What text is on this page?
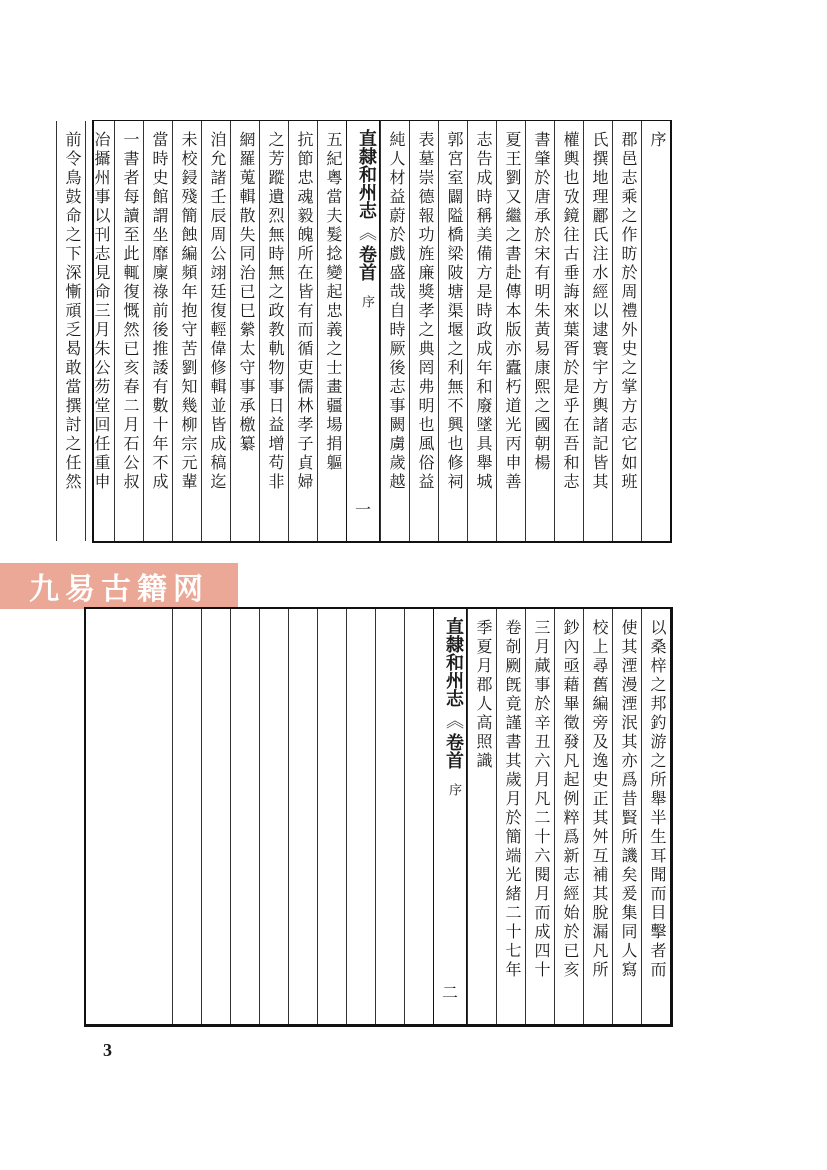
序
郡邑志乘之作昉於周禮外史之掌方志它如班
氏撰地理酈氏注水經以逮寰宇方輿諸記皆其
權輿也攷鏡往古垂誨來葉胥於是乎在吾和志
書肇於唐承於宋有明朱黃易康熙之國朝楊
夏王劉又繼之書赴傳本版亦蠹朽道光丙申善
志告成時稱美備方是時政成年和廢墜具舉城
郭宮室闢隘橋梁陂塘渠堰之利無不興也修祠
表墓崇德報功旌廉獎孝之典罔弗明也風俗益
純人材益蔚於戲盛哉自時厥後志事闕虜歲越
直隸和州志《卷首序
一
五紀粵當夫髮捻變起忠義之士畫疆場捐軀
抗節忠魂毅魄所在皆有而循吏儒林孝子貞婦
之芳蹤遺烈無時無之政教軌物事日益增苟非
網羅蒐輯散失同治已巳縈太守事承檄纂
洎允諸壬辰周公翊廷復輕偉修輯並皆成稿迄
未校鋟殘簡蝕編頻年抱守苦劉知幾柳宗元輩
當時史館謂坐靡廩祿前後推諉有數十年不成
一書者每讀至此輒復慨然已亥春二月石公叔
冶攝州事以刊志見命三月朱公芴堂回任重申
前令鳥鼓命之下深慚頑乏曷敢當撰討之任然
九易古籍网
以桑梓之邦釣游之所舉半生耳聞而目擊者而
使其湮漫湮泯其亦爲昔賢所譏矣爰集同人寫
校上尋舊編旁及逸史正其舛互補其脫漏凡所
鈔內亟藉畢徵發凡起例粹爲新志經始於已亥
三月蕆事於辛丑六月凡二十六閱月而成四十
卷剞劂旣竟謹書其歲月於簡端光緒二十七年
季夏月郡人高照識
直隸和州志《卷首序
二
3
